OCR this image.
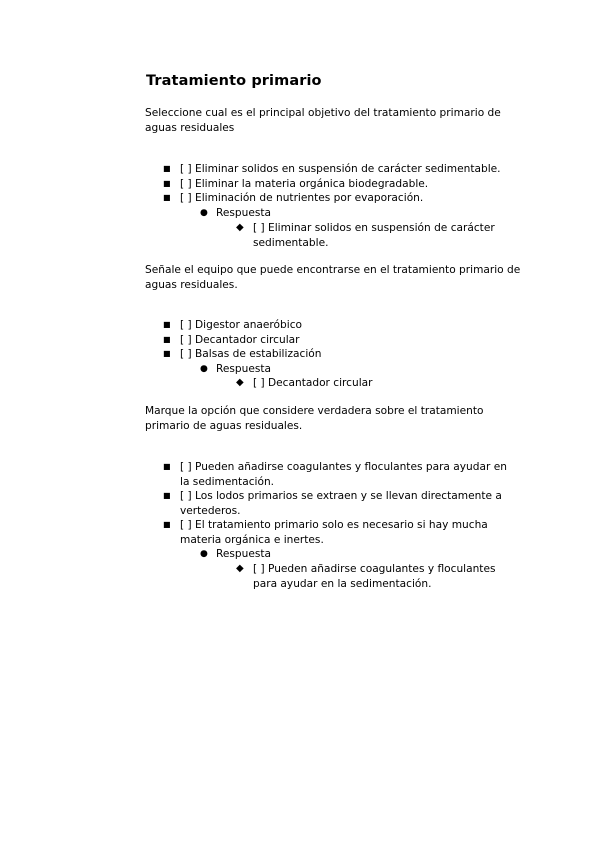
Tratamiento primario
Seleccione cual es el principal objetivo del tratamiento primario de aguas residuales
■ [ ] Eliminar solidos en suspensión de carácter sedimentable.
■ [ ] Eliminar la materia orgánica biodegradable.
■ [ ] Eliminación de nutrientes por evaporación.
● Respuesta
◆ [ ] Eliminar solidos en suspensión de carácter sedimentable.
Señale el equipo que puede encontrarse en el tratamiento primario de aguas residuales.
■ [ ] Digestor anaeróbico
■ [ ] Decantador circular
■ [ ] Balsas de estabilización
● Respuesta
◆ [ ] Decantador circular
Marque la opción que considere verdadera sobre el tratamiento primario de aguas residuales.
■ [ ] Pueden añadirse coagulantes y floculantes para ayudar en la sedimentación.
■ [ ] Los lodos primarios se extraen y se llevan directamente a vertederos.
■ [ ] El tratamiento primario solo es necesario si hay mucha materia orgánica e inertes.
● Respuesta
◆ [ ] Pueden añadirse coagulantes y floculantes para ayudar en la sedimentación.
